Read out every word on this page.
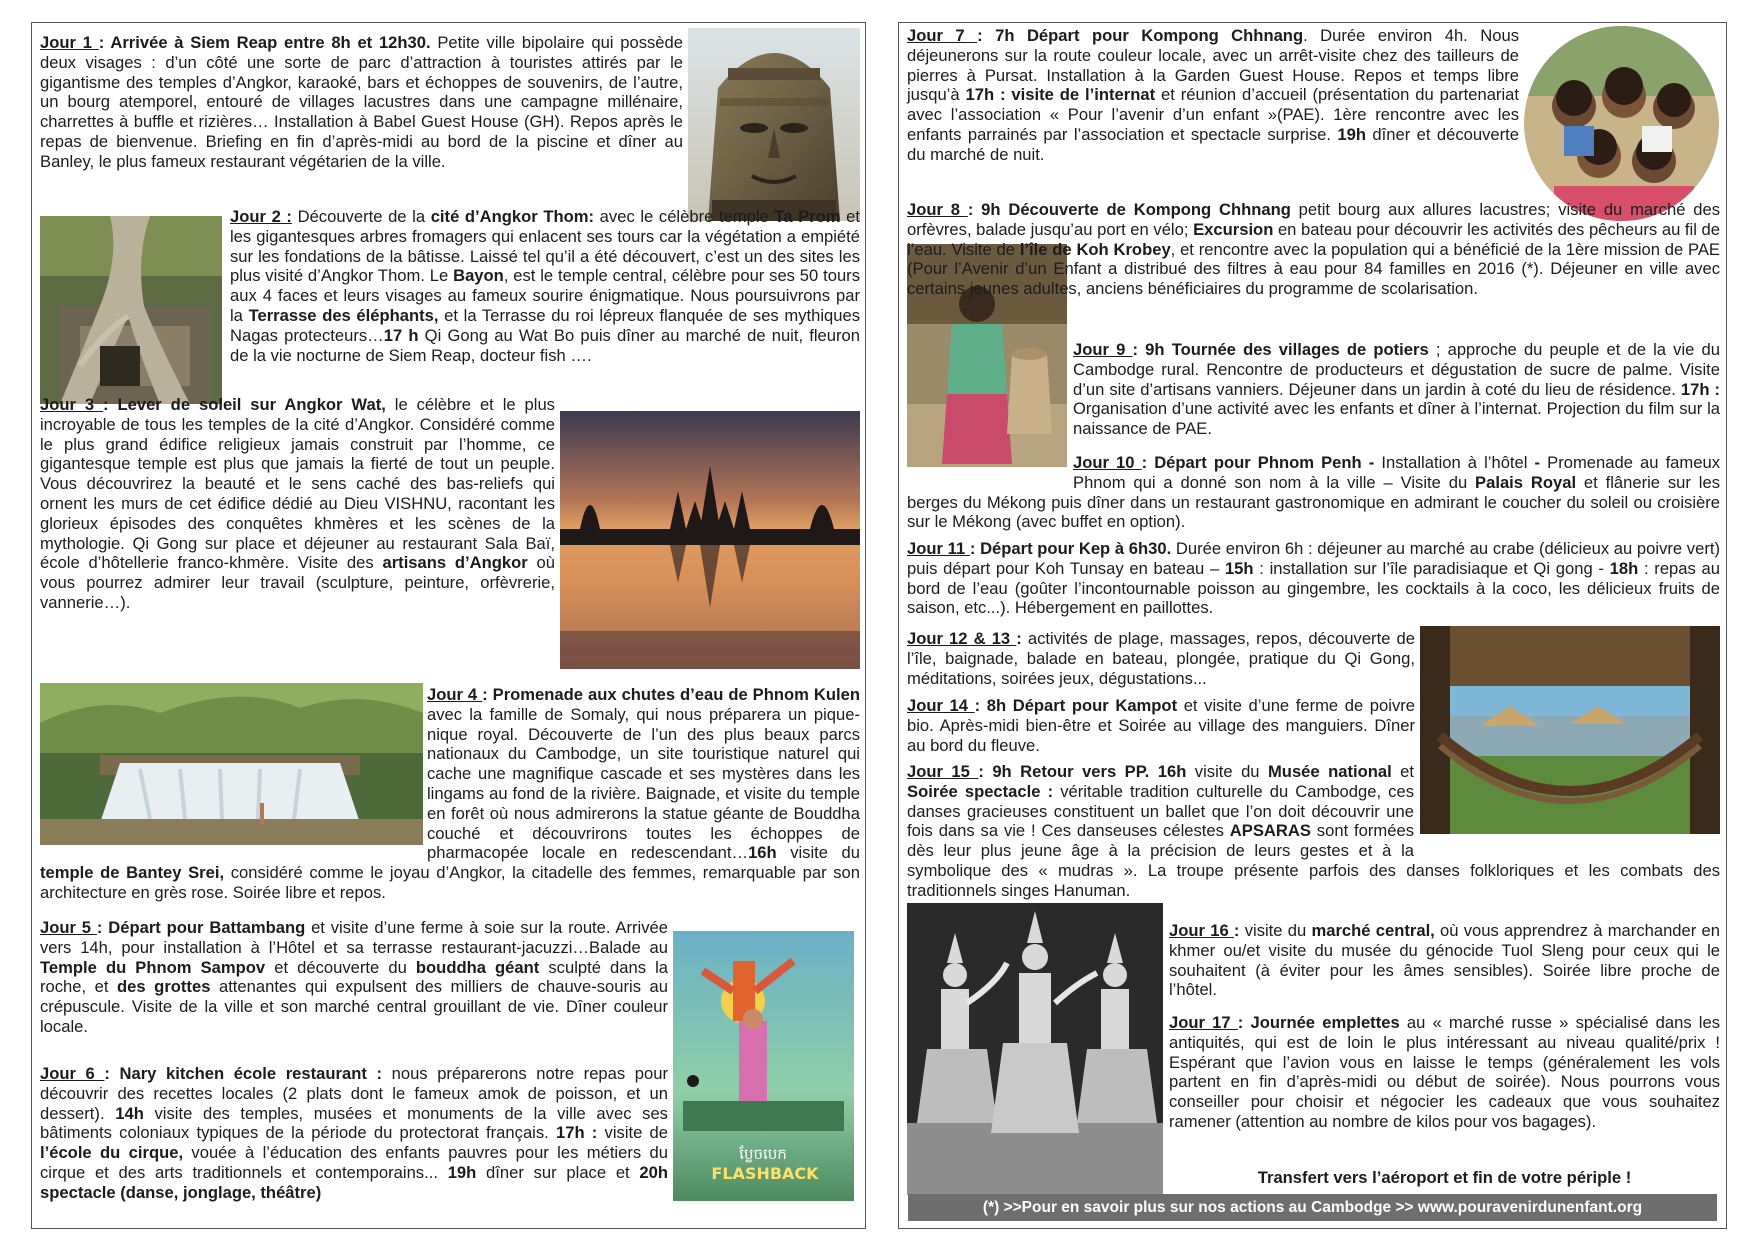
Jour 1 : Arrivée à Siem Reap entre 8h et 12h30. Petite ville bipolaire qui possède deux visages : d’un côté une sorte de parc d’attraction à touristes attirés par le gigantisme des temples d’Angkor, karaoké, bars et échoppes de souvenirs, de l’autre, un bourg atemporel, entouré de villages lacustres dans une campagne millénaire, charrettes à buffle et rizières… Installation à Babel Guest House (GH). Repos après le repas de bienvenue. Briefing en fin d’après-midi au bord de la piscine et dîner au Banley, le plus fameux restaurant végétarien de la ville.

Jour 2 : Découverte de la cité d’Angkor Thom: avec le célèbre temple Ta Prom et les gigantesques arbres fromagers qui enlacent ses tours car la végétation a empiété sur les fondations de la bâtisse. Laissé tel qu’il a été découvert, c’est un des sites les plus visité d’Angkor Thom. Le Bayon, est le temple central, célèbre pour ses 50 tours aux 4 faces et leurs visages au fameux sourire énigmatique. Nous poursuivrons par la Terrasse des éléphants, et la Terrasse du roi lépreux flanquée de ses mythiques Nagas protecteurs…17 h Qi Gong au Wat Bo puis dîner au marché de nuit, fleuron de la vie nocturne de Siem Reap, docteur fish ….

Jour 3 : Lever de soleil sur Angkor Wat, le célèbre et le plus incroyable de tous les temples de la cité d’Angkor. Considéré comme le plus grand édifice religieux jamais construit par l’homme, ce gigantesque temple est plus que jamais la fierté de tout un peuple. Vous découvrirez la beauté et le sens caché des bas-reliefs qui ornent les murs de cet édifice dédié au Dieu VISHNU, racontant les glorieux épisodes des conquêtes khmères et les scènes de la mythologie. Qi Gong sur place et déjeuner au restaurant Sala Baï, école d’hôtellerie franco-khmère. Visite des artisans d’Angkor où vous pourrez admirer leur travail (sculpture, peinture, orfèvrerie, vannerie…).

Jour 4 : Promenade aux chutes d’eau de Phnom Kulen avec la famille de Somaly, qui nous préparera un pique-nique royal. Découverte de l’un des plus beaux parcs nationaux du Cambodge, un site touristique naturel qui cache une magnifique cascade et ses mystères dans les lingams au fond de la rivière. Baignade, et visite du temple en forêt où nous admirerons la statue géante de Bouddha couché et découvrirons toutes les échoppes de pharmacopée locale en redescendant…16h visite du temple de Bantey Srei, considéré comme le joyau d’Angkor, la citadelle des femmes, remarquable par son architecture en grès rose. Soirée libre et repos.

ប្លែចបេក
FLASHBACK

Jour 5 : Départ pour Battambang et visite d’une ferme à soie sur la route. Arrivée vers 14h, pour installation à l’Hôtel et sa terrasse restaurant-jacuzzi…Balade au Temple du Phnom Sampov et découverte du bouddha géant sculpté dans la roche, et des grottes attenantes qui expulsent des milliers de chauve-souris au crépuscule. Visite de la ville et son marché central grouillant de vie. Dîner couleur locale.

Jour 6 : Nary kitchen école restaurant : nous préparerons notre repas pour découvrir des recettes locales (2 plats dont le fameux amok de poisson, et un dessert). 14h visite des temples, musées et monuments de la ville avec ses bâtiments coloniaux typiques de la période du protectorat français. 17h : visite de l’école du cirque, vouée à l’éducation des enfants pauvres pour les métiers du cirque et des arts traditionnels et contemporains... 19h dîner sur place et 20h spectacle (danse, jonglage, théâtre)

Jour 7 : 7h Départ pour Kompong Chhnang. Durée environ 4h. Nous déjeunerons sur la route couleur locale, avec un arrêt-visite chez des tailleurs de pierres à Pursat. Installation à la Garden Guest House. Repos et temps libre jusqu’à 17h : visite de l’internat et réunion d’accueil (présentation du partenariat avec l’association « Pour l’avenir d’un enfant »(PAE). 1ère rencontre avec les enfants parrainés par l’association et spectacle surprise. 19h dîner et découverte du marché de nuit.

Jour 8 : 9h Découverte de Kompong Chhnang petit bourg aux allures lacustres; visite du marché des orfèvres, balade jusqu’au port en vélo; Excursion en bateau pour découvrir les activités des pêcheurs au fil de l’eau. Visite de l’île de Koh Krobey, et rencontre avec la population qui a bénéficié de la 1ère mission de PAE (Pour l’Avenir d’un Enfant a distribué des filtres à eau pour 84 familles en 2016 (*). Déjeuner en ville avec certains jeunes adultes, anciens bénéficiaires du programme de scolarisation.

Jour 9 : 9h Tournée des villages de potiers ; approche du peuple et de la vie du Cambodge rural. Rencontre de producteurs et dégustation de sucre de palme. Visite d’un site d’artisans vanniers. Déjeuner dans un jardin à coté du lieu de résidence. 17h : Organisation d’une activité avec les enfants et dîner à l’internat. Projection du film sur la naissance de PAE.

Jour 10 : Départ pour Phnom Penh - Installation à l’hôtel - Promenade au fameux Phnom qui a donné son nom à la ville – Visite du Palais Royal et flânerie sur les berges du Mékong puis dîner dans un restaurant gastronomique en admirant le coucher du soleil ou croisière sur le Mékong (avec buffet en option).

Jour 11 : Départ pour Kep à 6h30. Durée environ 6h : déjeuner au marché au crabe (délicieux au poivre vert) puis départ pour Koh Tunsay en bateau – 15h : installation sur l’île paradisiaque et Qi gong - 18h : repas au bord de l’eau (goûter l’incontournable poisson au gingembre, les cocktails à la coco, les délicieux fruits de saison, etc...). Hébergement en paillottes.

Jour 12 & 13 : activités de plage, massages, repos, découverte de l’île, baignade, balade en bateau, plongée, pratique du Qi Gong, méditations, soirées jeux, dégustations...

Jour 14 : 8h Départ pour Kampot et visite d’une ferme de poivre bio. Après-midi bien-être et Soirée au village des manguiers. Dîner au bord du fleuve.

Jour 15 : 9h Retour vers PP. 16h visite du Musée national et Soirée spectacle : véritable tradition culturelle du Cambodge, ces danses gracieuses constituent un ballet que l’on doit découvrir une fois dans sa vie ! Ces danseuses célestes APSARAS sont formées dès leur plus jeune âge à la précision de leurs gestes et à la symbolique des « mudras ». La troupe présente parfois des danses folkloriques et les combats des traditionnels singes Hanuman.

Jour 16 : visite du marché central, où vous apprendrez à marchander en khmer ou/et visite du musée du génocide Tuol Sleng pour ceux qui le souhaitent (à éviter pour les âmes sensibles). Soirée libre proche de l’hôtel.

Jour 17 : Journée emplettes au « marché russe » spécialisé dans les antiquités, qui est de loin le plus intéressant au niveau qualité/prix ! Espérant que l’avion vous en laisse le temps (généralement les vols partent en fin d’après-midi ou début de soirée). Nous pourrons vous conseiller pour choisir et négocier les cadeaux que vous souhaitez ramener (attention au nombre de kilos pour vos bagages).

Transfert vers l’aéroport et fin de votre périple !
(*) >>Pour en savoir plus sur nos actions au Cambodge >> www.pouravenirdunenfant.org
